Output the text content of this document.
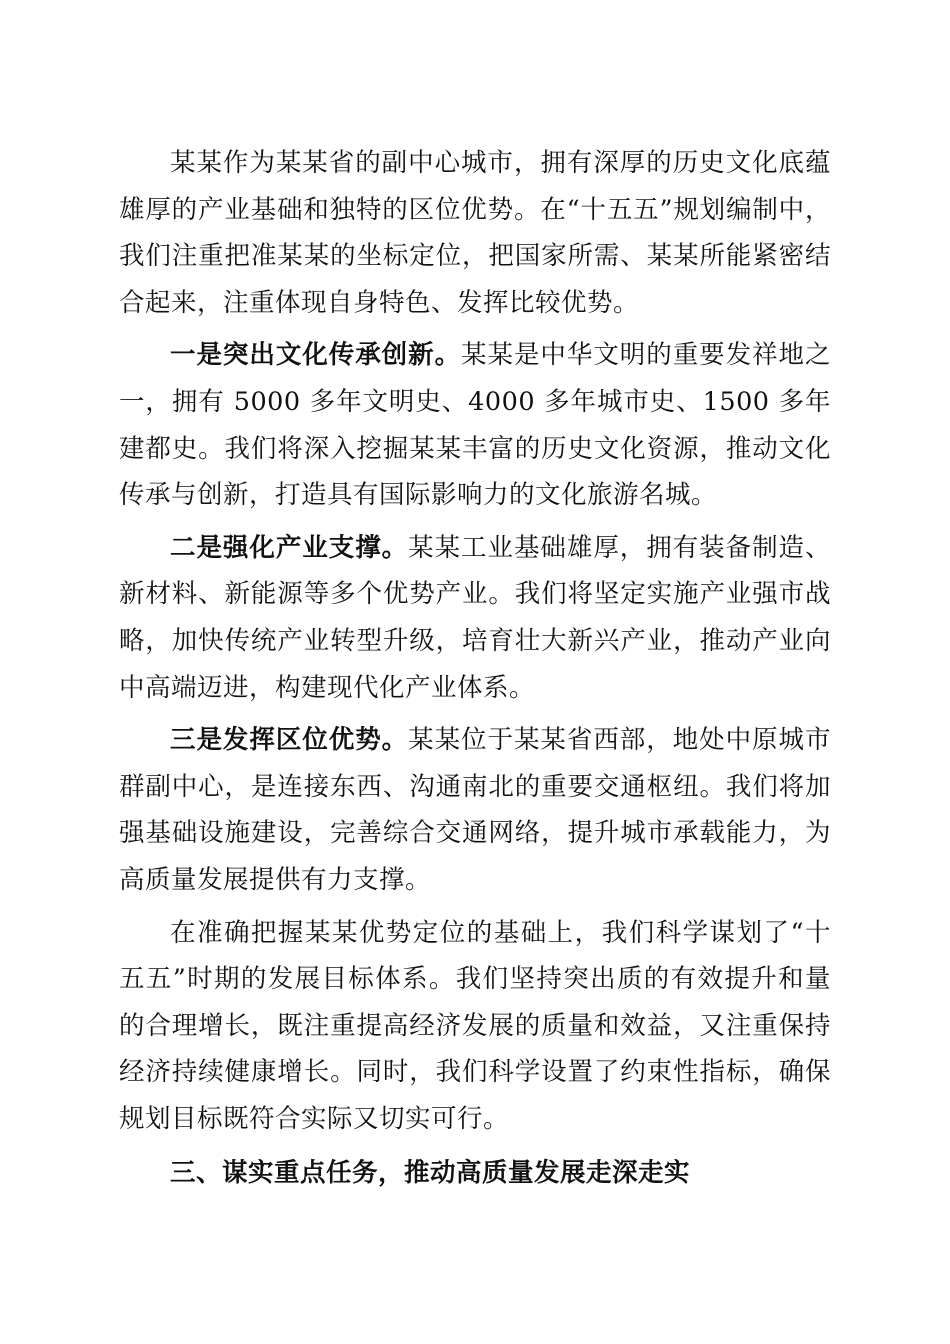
某某作为某某省的副中心城市，拥有深厚的历史文化底蕴雄厚的产业基础和独特的区位优势。在“十五五”规划编制中，我们注重把准某某的坐标定位，把国家所需、某某所能紧密结合起来，注重体现自身特色、发挥比较优势。

一是突出文化传承创新。某某是中华文明的重要发祥地之一，拥有 5000 多年文明史、4000 多年城市史、1500 多年建都史。我们将深入挖掘某某丰富的历史文化资源，推动文化传承与创新，打造具有国际影响力的文化旅游名城。

二是强化产业支撑。某某工业基础雄厚，拥有装备制造、新材料、新能源等多个优势产业。我们将坚定实施产业强市战略，加快传统产业转型升级，培育壮大新兴产业，推动产业向中高端迈进，构建现代化产业体系。

三是发挥区位优势。某某位于某某省西部，地处中原城市群副中心，是连接东西、沟通南北的重要交通枢纽。我们将加强基础设施建设，完善综合交通网络，提升城市承载能力，为高质量发展提供有力支撑。

在准确把握某某优势定位的基础上，我们科学谋划了“十五五”时期的发展目标体系。我们坚持突出质的有效提升和量的合理增长，既注重提高经济发展的质量和效益，又注重保持经济持续健康增长。同时，我们科学设置了约束性指标，确保规划目标既符合实际又切实可行。

三、谋实重点任务，推动高质量发展走深走实
